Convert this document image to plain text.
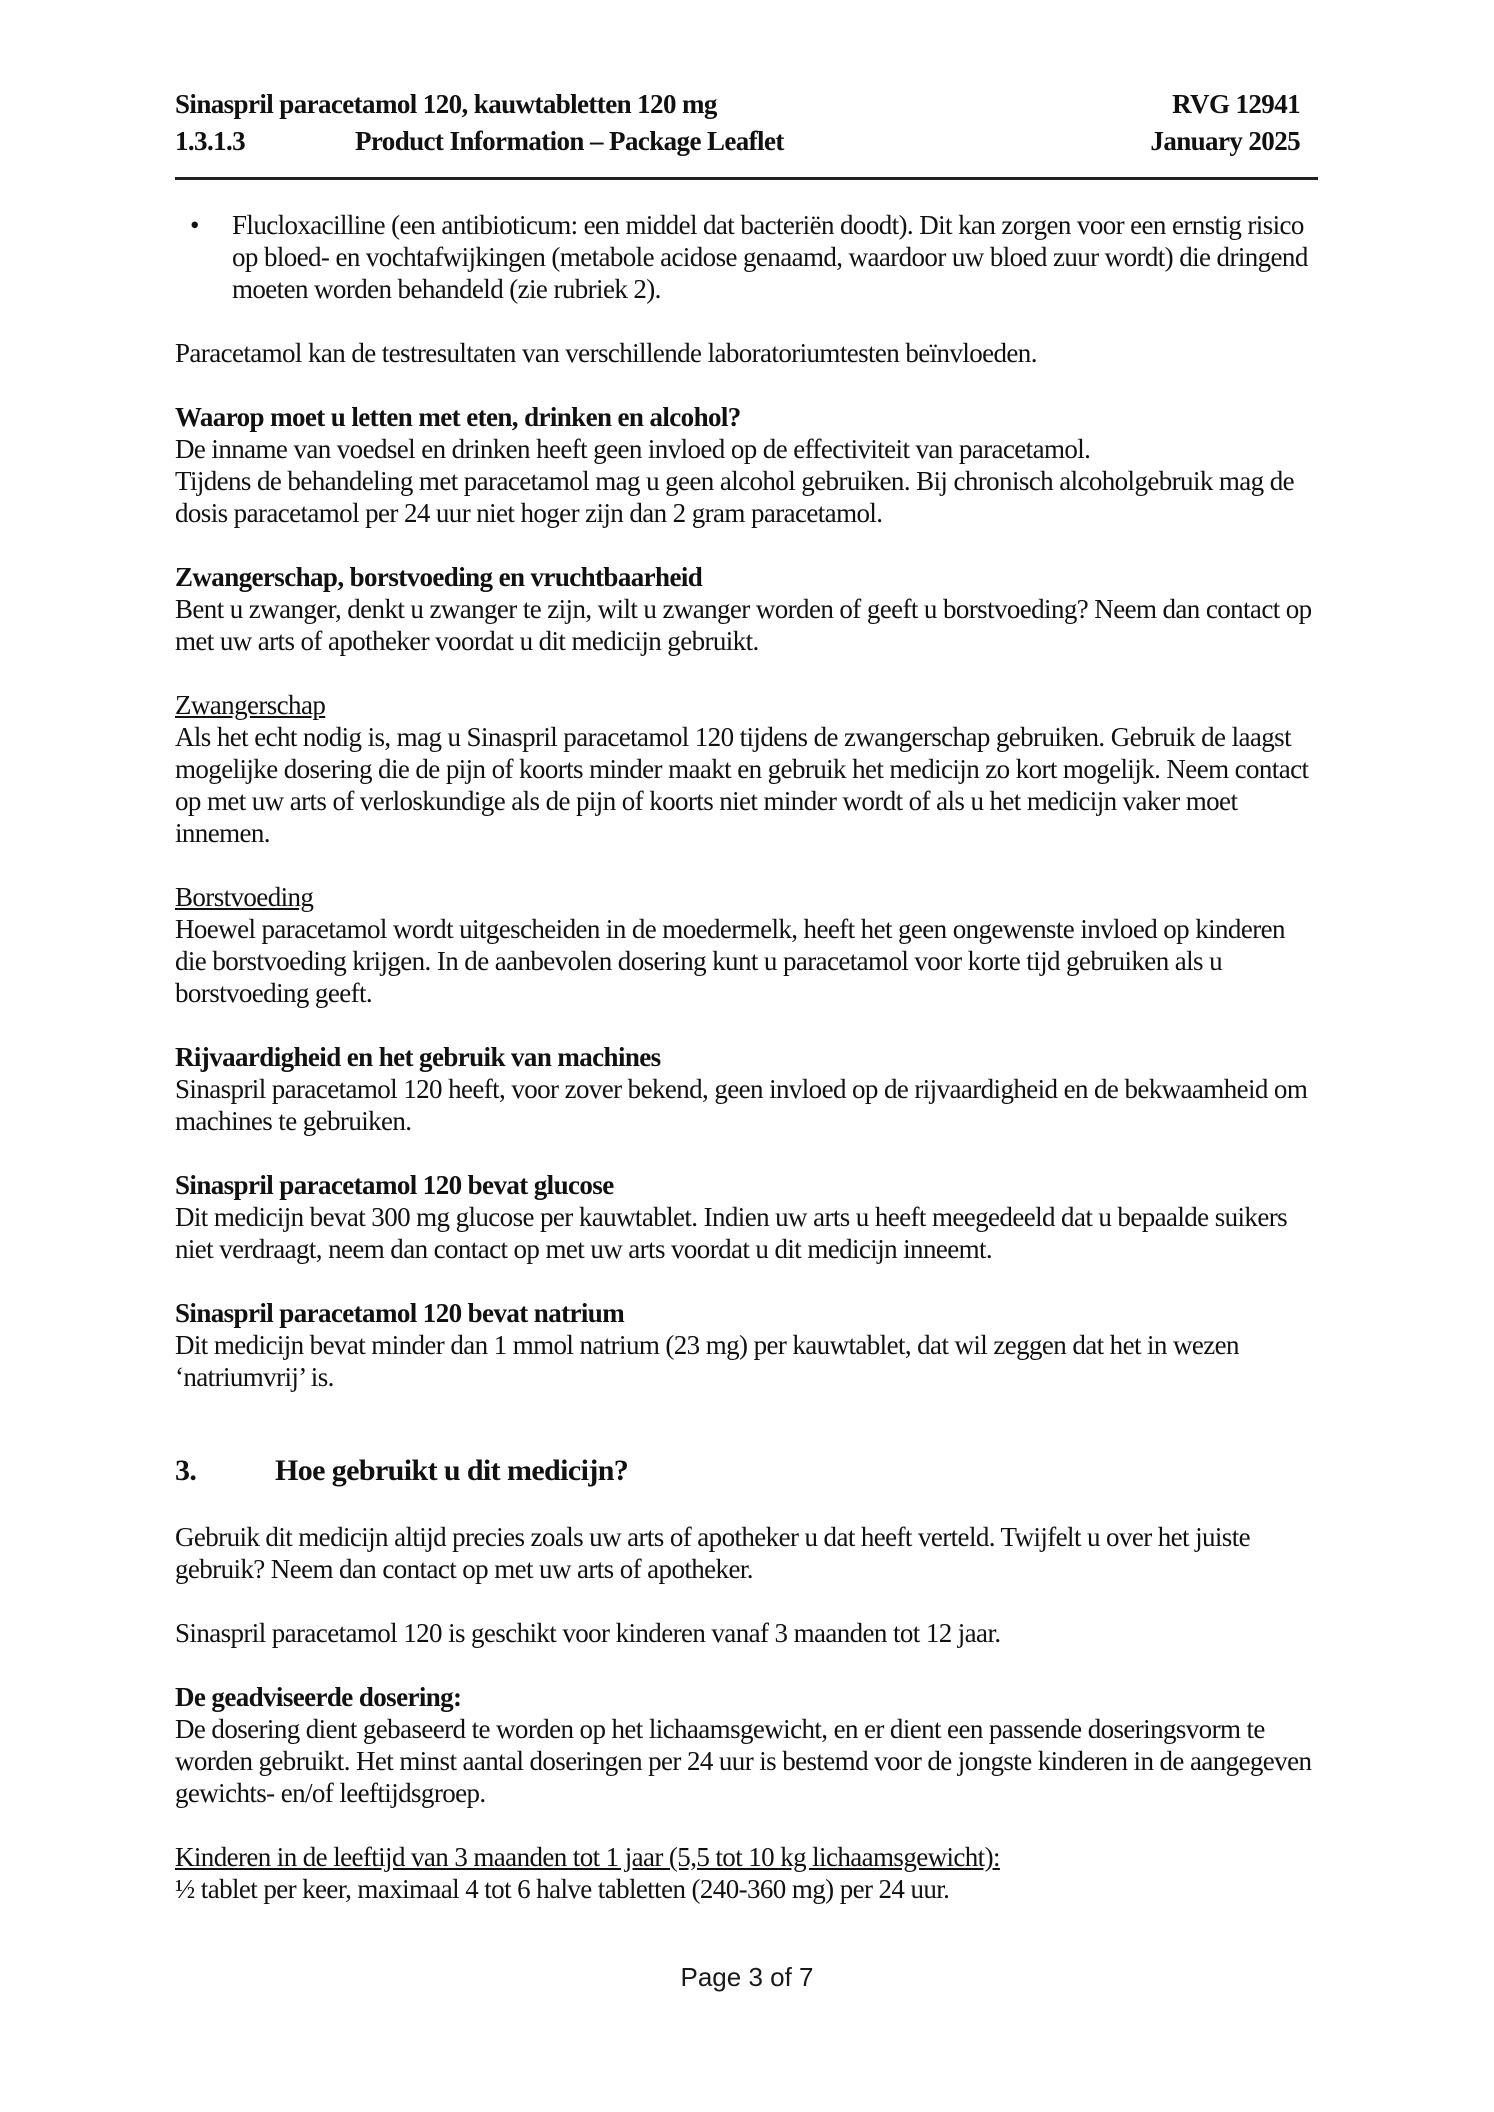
Sinaspril paracetamol 120, kauwtabletten 120 mg	RVG 12941
1.3.1.3	Product Information – Package Leaflet	January 2025
•	Flucloxacilline (een antibioticum: een middel dat bacteriën doodt). Dit kan zorgen voor een ernstig risico op bloed- en vochtafwijkingen (metabole acidose genaamd, waardoor uw bloed zuur wordt) die dringend moeten worden behandeld (zie rubriek 2).

Paracetamol kan de testresultaten van verschillende laboratoriumtesten beïnvloeden.

Waarop moet u letten met eten, drinken en alcohol?

De inname van voedsel en drinken heeft geen invloed op de effectiviteit van paracetamol.

Tijdens de behandeling met paracetamol mag u geen alcohol gebruiken. Bij chronisch alcoholgebruik mag de dosis paracetamol per 24 uur niet hoger zijn dan 2 gram paracetamol.

Zwangerschap, borstvoeding en vruchtbaarheid

Bent u zwanger, denkt u zwanger te zijn, wilt u zwanger worden of geeft u borstvoeding? Neem dan contact op met uw arts of apotheker voordat u dit medicijn gebruikt.

Zwangerschap

Als het echt nodig is, mag u Sinaspril paracetamol 120 tijdens de zwangerschap gebruiken. Gebruik de laagst mogelijke dosering die de pijn of koorts minder maakt en gebruik het medicijn zo kort mogelijk. Neem contact op met uw arts of verloskundige als de pijn of koorts niet minder wordt of als u het medicijn vaker moet innemen.

Borstvoeding

Hoewel paracetamol wordt uitgescheiden in de moedermelk, heeft het geen ongewenste invloed op kinderen die borstvoeding krijgen. In de aanbevolen dosering kunt u paracetamol voor korte tijd gebruiken als u borstvoeding geeft.

Rijvaardigheid en het gebruik van machines

Sinaspril paracetamol 120 heeft, voor zover bekend, geen invloed op de rijvaardigheid en de bekwaamheid om machines te gebruiken.

Sinaspril paracetamol 120 bevat glucose

Dit medicijn bevat 300 mg glucose per kauwtablet. Indien uw arts u heeft meegedeeld dat u bepaalde suikers niet verdraagt, neem dan contact op met uw arts voordat u dit medicijn inneemt.

Sinaspril paracetamol 120 bevat natrium

Dit medicijn bevat minder dan 1 mmol natrium (23 mg) per kauwtablet, dat wil zeggen dat het in wezen ‘natriumvrij’ is.

3.	Hoe gebruikt u dit medicijn?

Gebruik dit medicijn altijd precies zoals uw arts of apotheker u dat heeft verteld. Twijfelt u over het juiste gebruik? Neem dan contact op met uw arts of apotheker.

Sinaspril paracetamol 120 is geschikt voor kinderen vanaf 3 maanden tot 12 jaar.

De geadviseerde dosering:

De dosering dient gebaseerd te worden op het lichaamsgewicht, en er dient een passende doseringsvorm te worden gebruikt. Het minst aantal doseringen per 24 uur is bestemd voor de jongste kinderen in de aangegeven gewichts- en/of leeftijdsgroep.

Kinderen in de leeftijd van 3 maanden tot 1 jaar (5,5 tot 10 kg lichaamsgewicht):

½ tablet per keer, maximaal 4 tot 6 halve tabletten (240-360 mg) per 24 uur.

Page 3 of 7
